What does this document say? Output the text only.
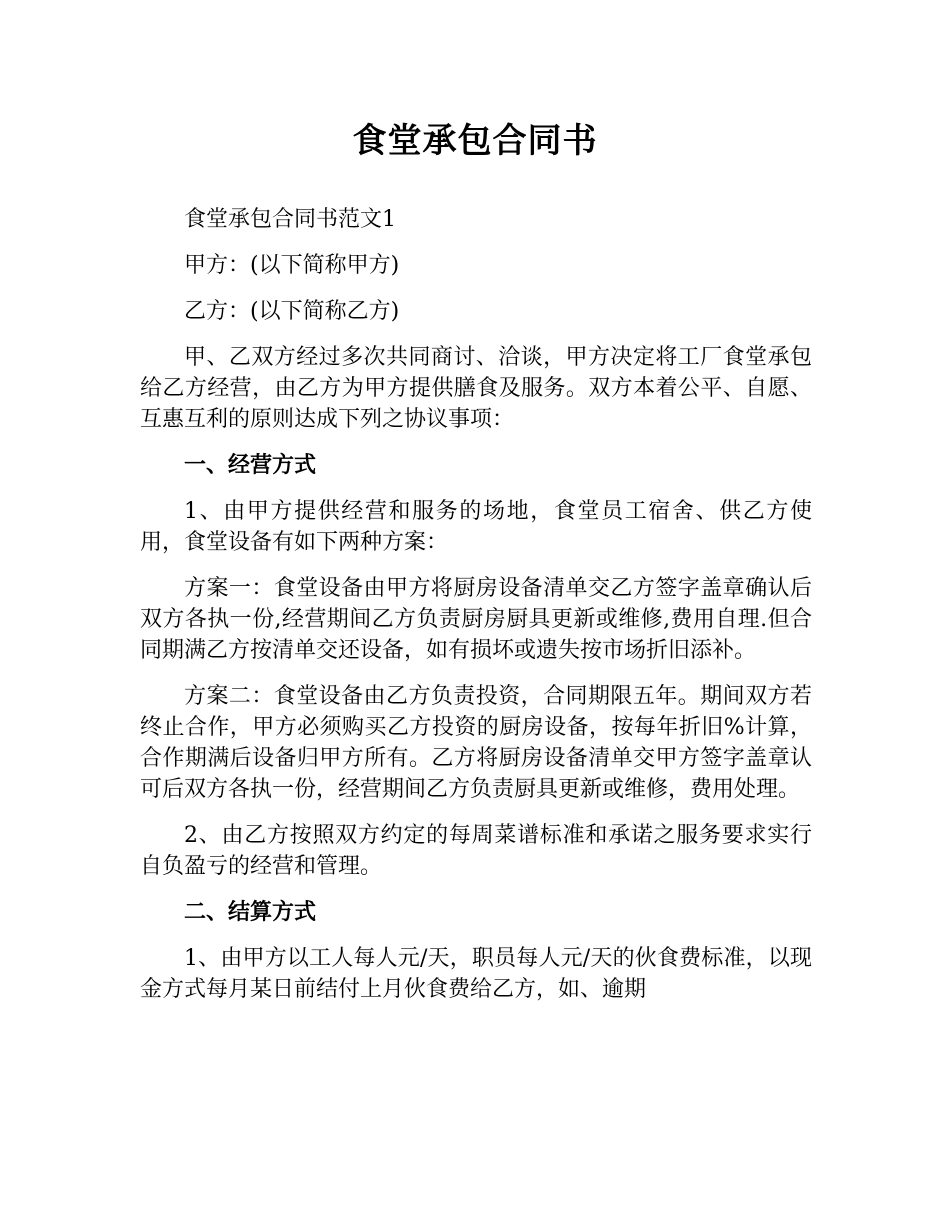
食堂承包合同书

食堂承包合同书范文1

甲方：(以下简称甲方)

乙方：(以下简称乙方)

甲、乙双方经过多次共同商讨、洽谈，甲方决定将工厂食堂承包给乙方经营，由乙方为甲方提供膳食及服务。双方本着公平、自愿、互惠互利的原则达成下列之协议事项：

一、经营方式

1、由甲方提供经营和服务的场地，食堂员工宿舍、供乙方使用，食堂设备有如下两种方案：

方案一：食堂设备由甲方将厨房设备清单交乙方签字盖章确认后双方各执一份,经营期间乙方负责厨房厨具更新或维修,费用自理.但合同期满乙方按清单交还设备，如有损坏或遗失按市场折旧添补。

方案二：食堂设备由乙方负责投资，合同期限五年。期间双方若终止合作，甲方必须购买乙方投资的厨房设备，按每年折旧%计算，合作期满后设备归甲方所有。乙方将厨房设备清单交甲方签字盖章认可后双方各执一份，经营期间乙方负责厨具更新或维修，费用处理。

2、由乙方按照双方约定的每周菜谱标准和承诺之服务要求实行自负盈亏的经营和管理。

二、结算方式

1、由甲方以工人每人元/天，职员每人元/天的伙食费标准，以现金方式每月某日前结付上月伙食费给乙方，如、逾期
